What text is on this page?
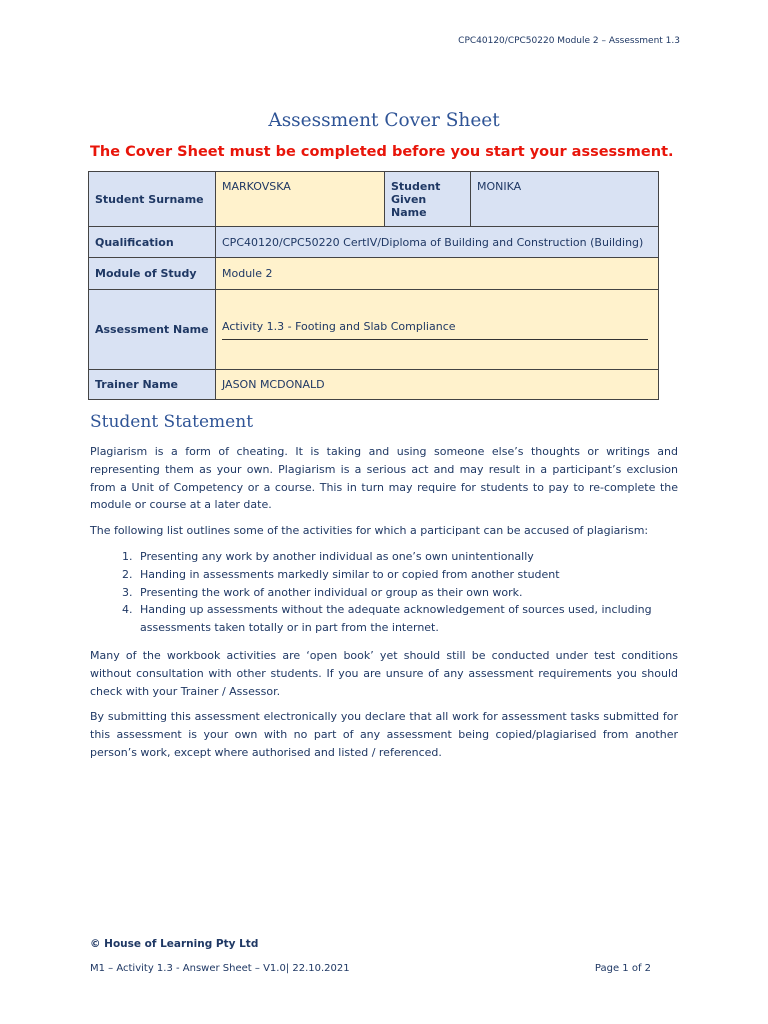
CPC40120/CPC50220 Module 2 – Assessment 1.3
Assessment Cover Sheet
The Cover Sheet must be completed before you start your assessment.
Student Surname	MARKOVSKA	Student Given Name	MONIKA
Qualification	CPC40120/CPC50220 CertIV/Diploma of Building and Construction (Building)		
Module of Study	Module 2		
Assessment Name	Activity 1.3 - Footing and Slab Compliance		

Trainer Name	JASON MCDONALD		
Student Statement

Plagiarism is a form of cheating. It is taking and using someone else’s thoughts or writings and representing them as your own. Plagiarism is a serious act and may result in a participant’s exclusion from a Unit of Competency or a course. This in turn may require for students to pay to re-complete the module or course at a later date.

The following list outlines some of the activities for which a participant can be accused of plagiarism:

1. Presenting any work by another individual as one’s own unintentionally
2. Handing in assessments markedly similar to or copied from another student
3. Presenting the work of another individual or group as their own work.
4. Handing up assessments without the adequate acknowledgement of sources used, including assessments taken totally or in part from the internet.

Many of the workbook activities are ‘open book’ yet should still be conducted under test conditions without consultation with other students. If you are unsure of any assessment requirements you should check with your Trainer / Assessor.

By submitting this assessment electronically you declare that all work for assessment tasks submitted for this assessment is your own with no part of any assessment being copied/plagiarised from another person’s work, except where authorised and listed / referenced.

© House of Learning Pty Ltd
M1 – Activity 1.3 - Answer Sheet – V1.0| 22.10.2021	Page 1 of 2
